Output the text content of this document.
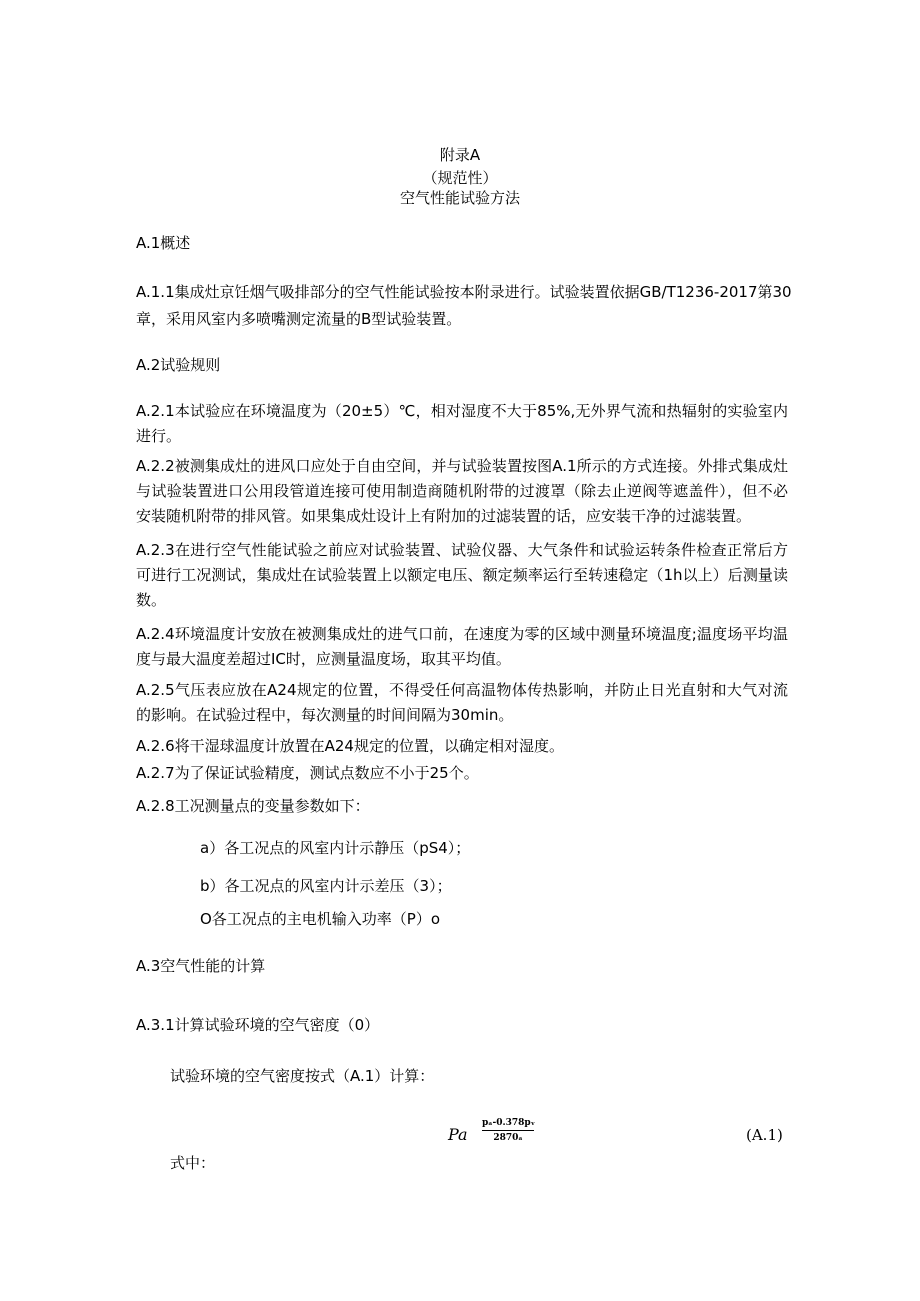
附录A
（规范性）
空气性能试验方法
A.1概述
A.1.1集成灶京饪烟气吸排部分的空气性能试验按本附录进行。试验装置依据GB/T1236-2017第30
章，采用风室内多喷嘴测定流量的B型试验装置。
A.2试验规则
A.2.1本试验应在环境温度为（20±5）℃，相对湿度不大于85%,无外界气流和热辐射的实验室内进行。
A.2.2被测集成灶的进风口应处于自由空间，并与试验装置按图A.1所示的方式连接。外排式集成灶与试验装置进口公用段管道连接可使用制造商随机附带的过渡罩（除去止逆阀等遮盖件），但不必安装随机附带的排风管。如果集成灶设计上有附加的过滤装置的话，应安装干净的过滤装置。
A.2.3在进行空气性能试验之前应对试验装置、试验仪器、大气条件和试验运转条件检查正常后方可进行工况测试，集成灶在试验装置上以额定电压、额定频率运行至转速稳定（1h以上）后测量读数。
A.2.4环境温度计安放在被测集成灶的进气口前，在速度为零的区域中测量环境温度;温度场平均温度与最大温度差超过IC时，应测量温度场，取其平均值。
A.2.5气压表应放在A24规定的位置，不得受任何高温物体传热影响，并防止日光直射和大气对流的影响。在试验过程中，每次测量的时间间隔为30min。
A.2.6将干湿球温度计放置在A24规定的位置，以确定相对湿度。
A.2.7为了保证试验精度，测试点数应不小于25个。
A.2.8工况测量点的变量参数如下：
a）各工况点的风室内计示静压（pS4）；
b）各工况点的风室内计示差压（3）；
O各工况点的主电机输入功率（P）o
A.3空气性能的计算
A.3.1计算试验环境的空气密度（0）
试验环境的空气密度按式（A.1）计算：
Pa
pₐ-0.378pᵥ
2870ₐ	(A.1)
式中：
